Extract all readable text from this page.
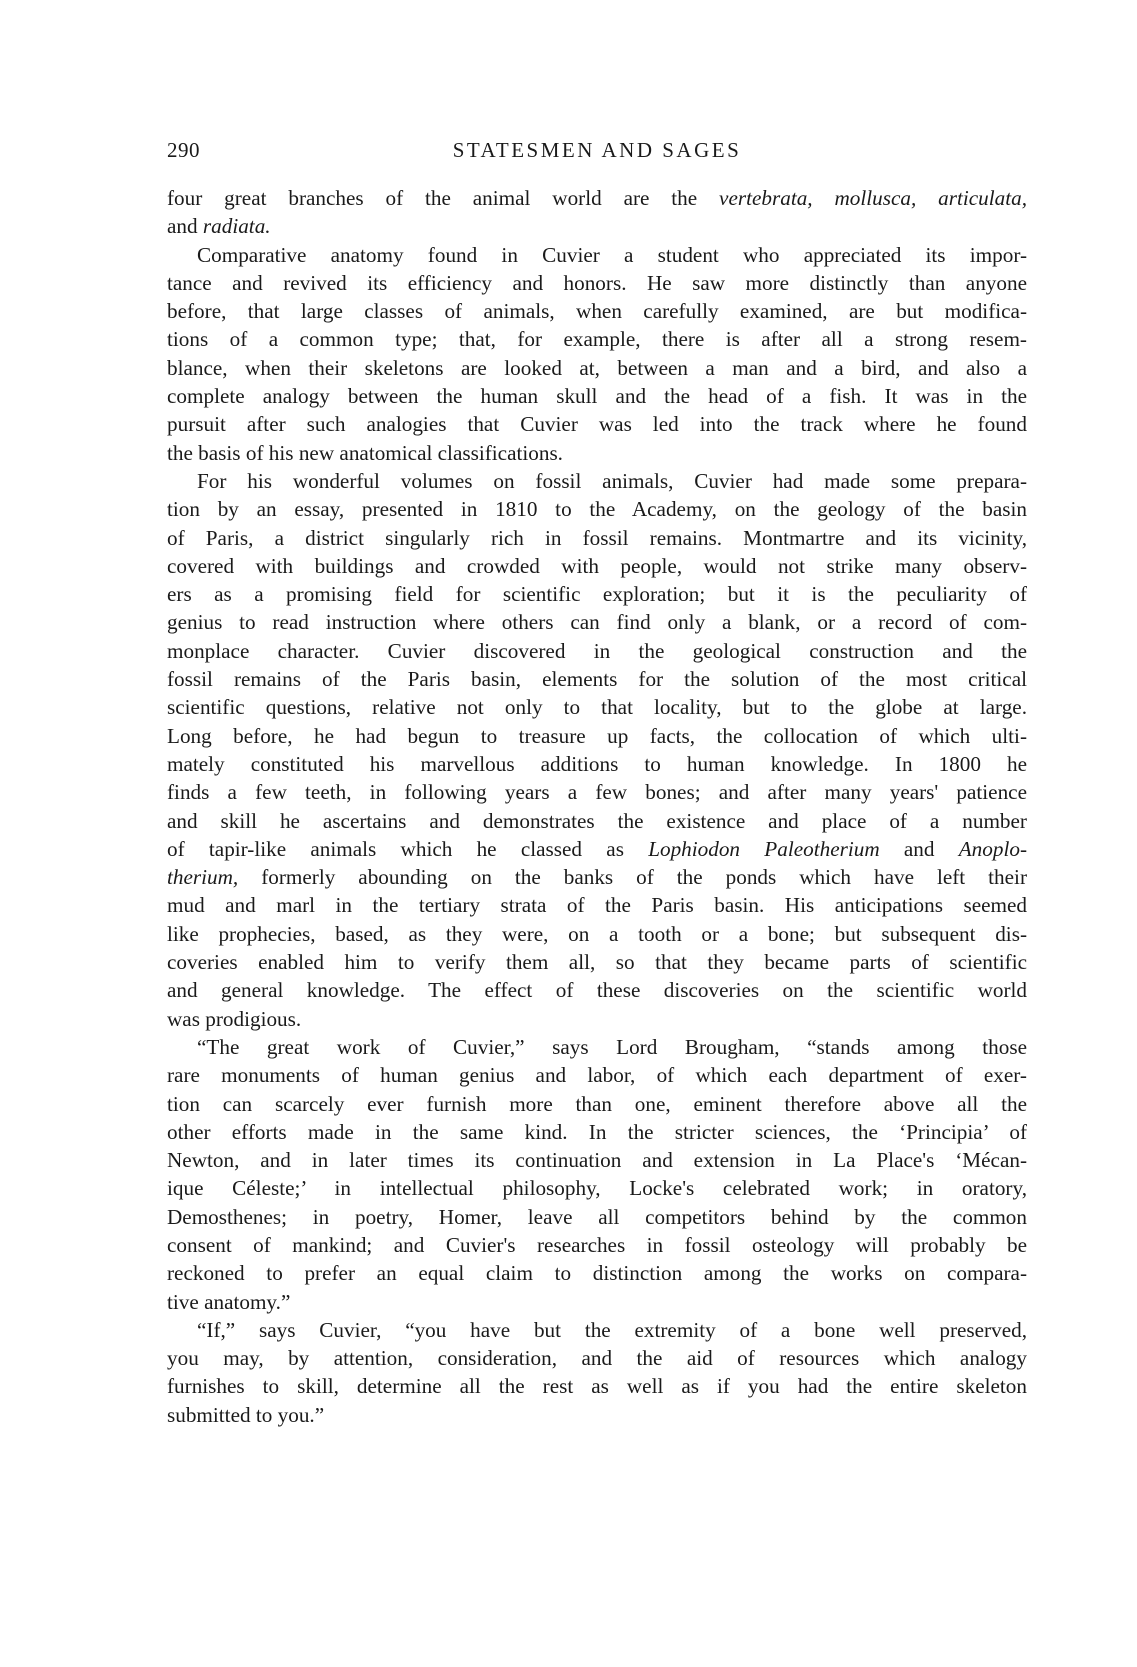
290	STATESMEN AND SAGES
four great branches of the animal world are the vertebrata, mollusca, articulata,
and radiata.
Comparative anatomy found in Cuvier a student who appreciated its impor-
tance and revived its efficiency and honors. He saw more distinctly than anyone
before, that large classes of animals, when carefully examined, are but modifica-
tions of a common type; that, for example, there is after all a strong resem-
blance, when their skeletons are looked at, between a man and a bird, and also a
complete analogy between the human skull and the head of a fish. It was in the
pursuit after such analogies that Cuvier was led into the track where he found
the basis of his new anatomical classifications.
For his wonderful volumes on fossil animals, Cuvier had made some prepara-
tion by an essay, presented in 1810 to the Academy, on the geology of the basin
of Paris, a district singularly rich in fossil remains. Montmartre and its vicinity,
covered with buildings and crowded with people, would not strike many observ-
ers as a promising field for scientific exploration; but it is the peculiarity of
genius to read instruction where others can find only a blank, or a record of com-
monplace character. Cuvier discovered in the geological construction and the
fossil remains of the Paris basin, elements for the solution of the most critical
scientific questions, relative not only to that locality, but to the globe at large.
Long before, he had begun to treasure up facts, the collocation of which ulti-
mately constituted his marvellous additions to human knowledge. In 1800 he
finds a few teeth, in following years a few bones; and after many years' patience
and skill he ascertains and demonstrates the existence and place of a number
of tapir-like animals which he classed as Lophiodon Paleotherium and Anoplo-
therium, formerly abounding on the banks of the ponds which have left their
mud and marl in the tertiary strata of the Paris basin. His anticipations seemed
like prophecies, based, as they were, on a tooth or a bone; but subsequent dis-
coveries enabled him to verify them all, so that they became parts of scientific
and general knowledge. The effect of these discoveries on the scientific world
was prodigious.
“The great work of Cuvier,” says Lord Brougham, “stands among those
rare monuments of human genius and labor, of which each department of exer-
tion can scarcely ever furnish more than one, eminent therefore above all the
other efforts made in the same kind. In the stricter sciences, the ‘Principia’ of
Newton, and in later times its continuation and extension in La Place's ‘Mécan-
ique Céleste;’ in intellectual philosophy, Locke's celebrated work; in oratory,
Demosthenes; in poetry, Homer, leave all competitors behind by the common
consent of mankind; and Cuvier's researches in fossil osteology will probably be
reckoned to prefer an equal claim to distinction among the works on compara-
tive anatomy.”
“If,” says Cuvier, “you have but the extremity of a bone well preserved,
you may, by attention, consideration, and the aid of resources which analogy
furnishes to skill, determine all the rest as well as if you had the entire skeleton
submitted to you.”
